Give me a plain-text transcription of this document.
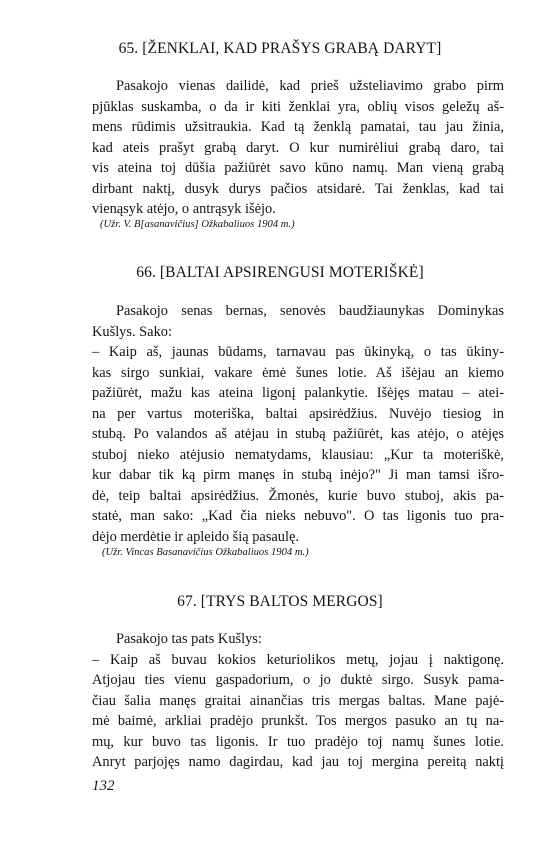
65. [ŽENKLAI, KAD PRAŠYS GRABĄ DARYT]
Pasakojo vienas dailidė, kad prieš užsteliavimo grabo pirm
pjūklas suskamba, o da ir kiti ženklai yra, oblių visos geležų aš-
mens rūdimis užsitraukia. Kad tą ženklą pamatai, tau jau žinia,
kad ateis prašyt grabą daryt. O kur numirėliui grabą daro, tai
vis ateina toj dūšia pažiūrėt savo kūno namų. Man vieną grabą
dirbant naktį, dusyk durys pačios atsidarė. Tai ženklas, kad tai
vienąsyk atėjo, o antrąsyk išėjo.
(Užr. V. B[asanavičius] Ožkabaliuos 1904 m.)
66. [BALTAI APSIRENGUSI MOTERIŠKĖ]
Pasakojo senas bernas, senovės baudžiaunykas Dominykas
Kušlys. Sako:
– Kaip aš, jaunas būdams, tarnavau pas ūkinyką, o tas ūkiny-
kas sirgo sunkiai, vakare ėmė šunes lotie. Aš išėjau an kiemo
pažiūrėt, mažu kas ateina ligonį palankytie. Išėjęs matau – atei-
na per vartus moteriška, baltai apsirėdžius. Nuvėjo tiesiog in
stubą. Po valandos aš atėjau in stubą pažiūrėt, kas atėjo, o atėjęs
stuboj nieko atėjusio nematydams, klausiau: „Kur ta moteriškė,
kur dabar tik ką pirm manęs in stubą inėjo?" Ji man tamsi išro-
dė, teip baltai apsirėdžius. Žmonės, kurie buvo stuboj, akis pa-
statė, man sako: „Kad čia nieks nebuvo". O tas ligonis tuo pra-
dėjo merdėtie ir apleido šią pasaulę.
(Užr. Vincas Basanavičius Ožkabaliuos 1904 m.)
67. [TRYS BALTOS MERGOS]
Pasakojo tas pats Kušlys:
– Kaip aš buvau kokios keturiolikos metų, jojau į naktigonę.
Atjojau ties vienu gaspadorium, o jo duktė sirgo. Susyk pama-
čiau šalia manęs graitai ainančias tris mergas baltas. Mane pajė-
mė baimė, arkliai pradėjo prunkšt. Tos mergos pasuko an tų na-
mų, kur buvo tas ligonis. Ir tuo pradėjo toj namų šunes lotie.
Anryt parjojęs namo dagirdau, kad jau toj mergina pereitą naktį
132
